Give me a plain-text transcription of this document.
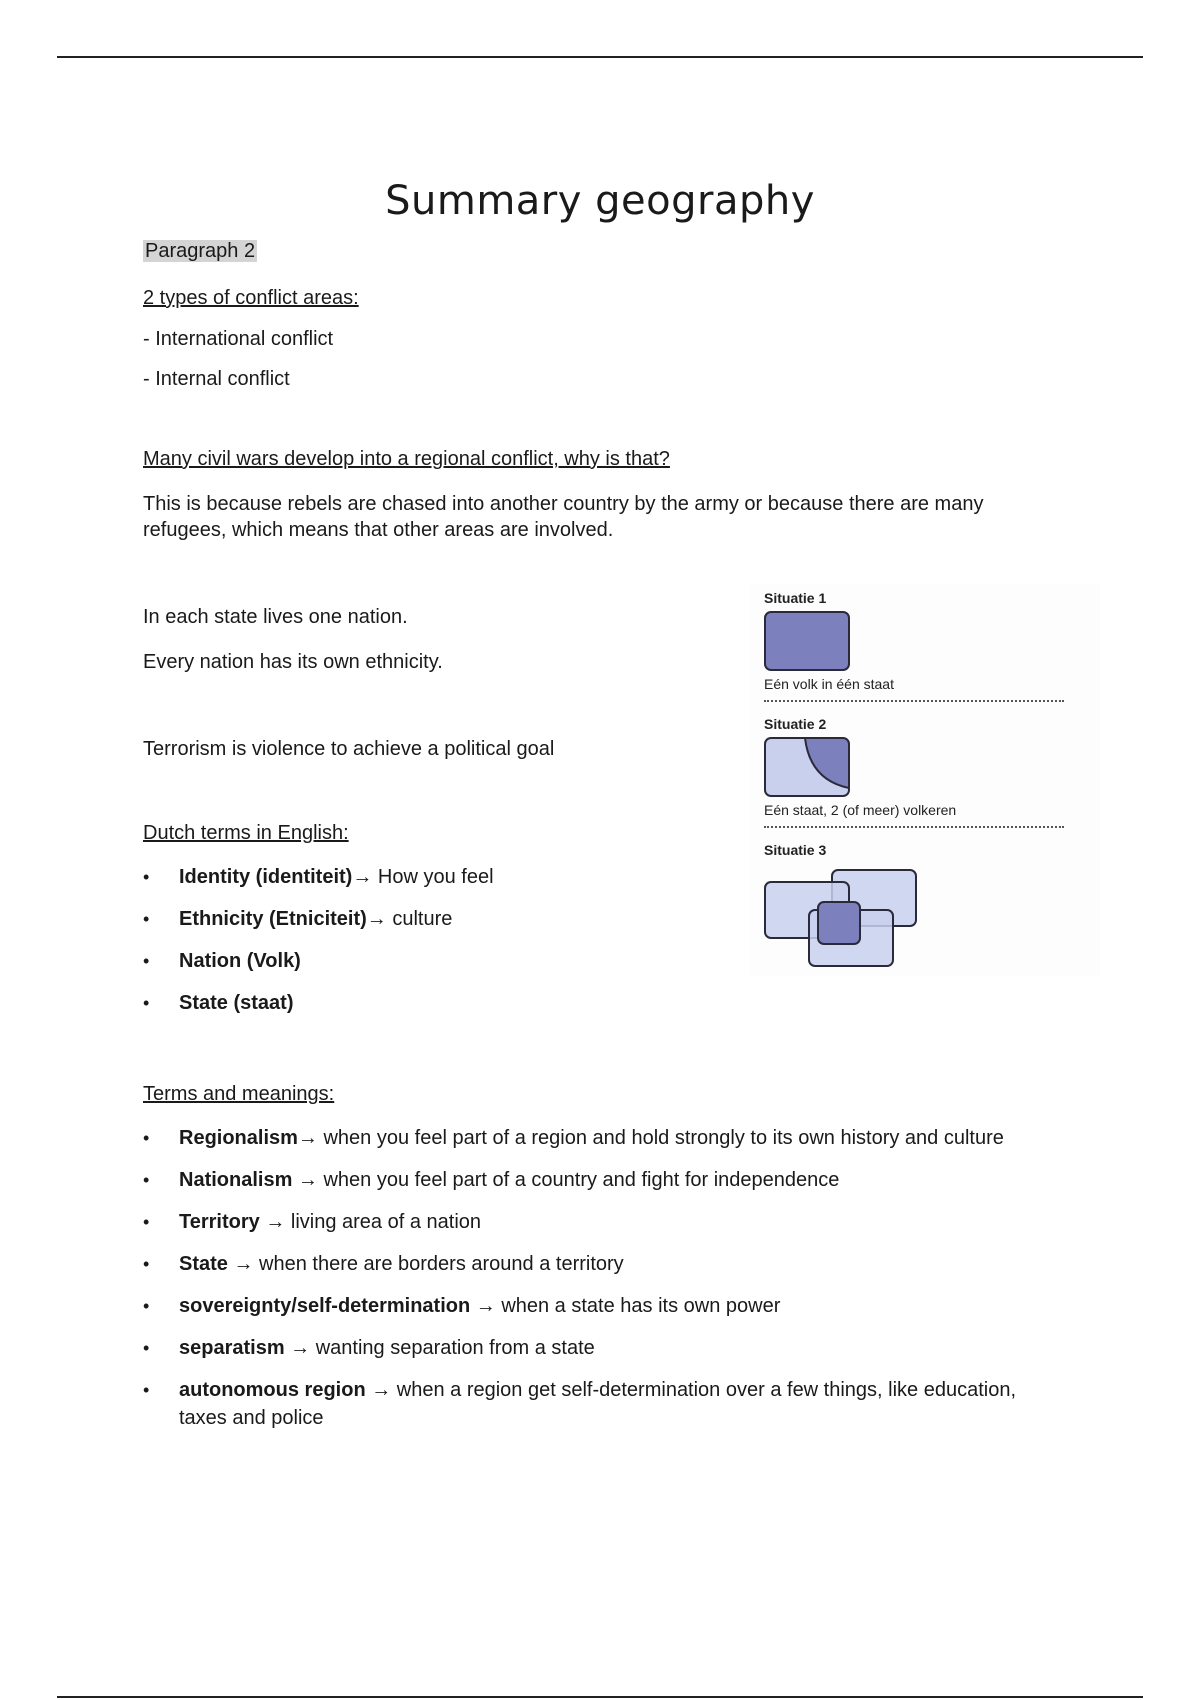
Summary geography
Paragraph 2
2 types of conflict areas:
- International conflict
- Internal conflict
Many civil wars develop into a regional conflict, why is that?
This is because rebels are chased into another country by the army or because there are many refugees, which means that other areas are involved.
In each state lives one nation.
Every nation has its own ethnicity.
Terrorism is violence to achieve a political goal
Dutch terms in English:
• Identity (identiteit)→ How you feel
• Ethnicity (Etniciteit)→ culture
• Nation (Volk)
• State (staat)
Terms and meanings:
• Regionalism→ when you feel part of a region and hold strongly to its own history and culture
• Nationalism → when you feel part of a country and fight for independence
• Territory → living area of a nation
• State → when there are borders around a territory
• sovereignty/self-determination → when a state has its own power
• separatism → wanting separation from a state
• autonomous region → when a region get self-determination over a few things, like education, taxes and police
Situatie 1
Eén volk in één staat
Situatie 2
Eén staat, 2 (of meer) volkeren
Situatie 3
